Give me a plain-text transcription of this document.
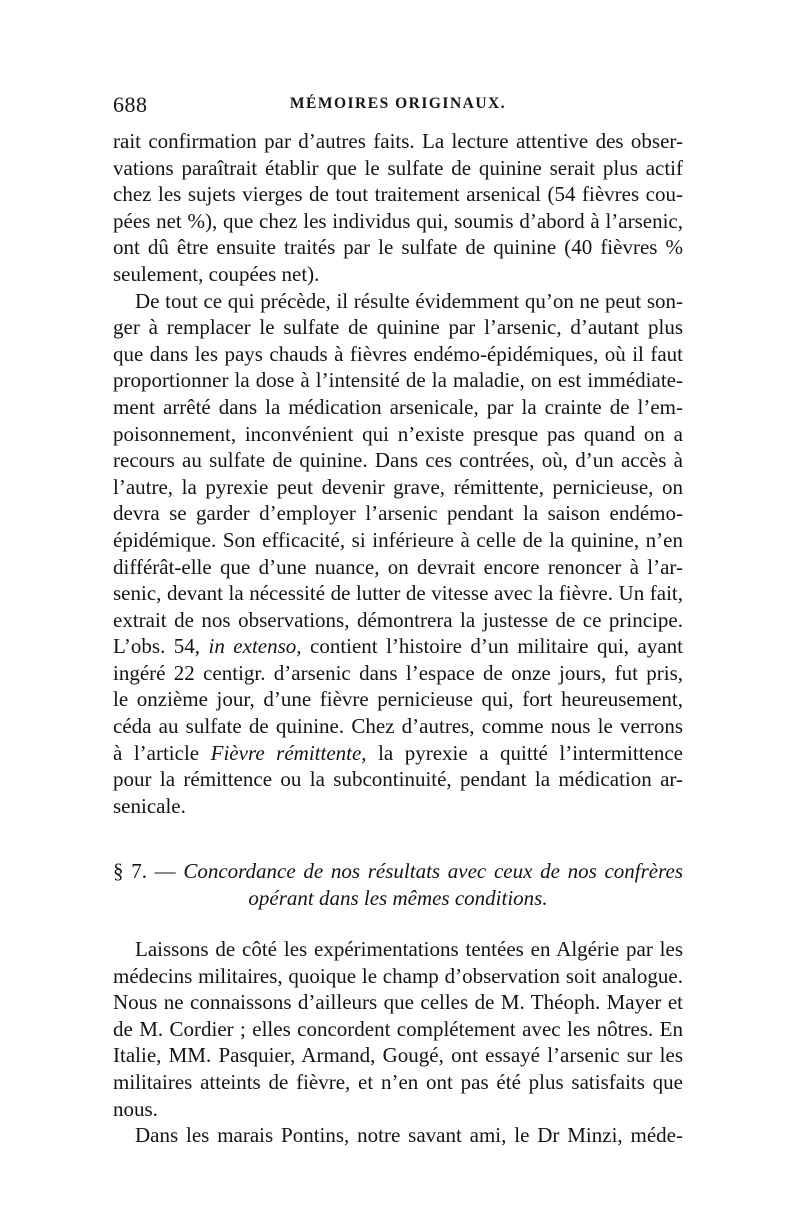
688	MÉMOIRES ORIGINAUX.
rait confirmation par d’autres faits. La lecture attentive des obser-
vations paraîtrait établir que le sulfate de quinine serait plus actif
chez les sujets vierges de tout traitement arsenical (54 fièvres cou-
pées net %), que chez les individus qui, soumis d’abord à l’arsenic,
ont dû être ensuite traités par le sulfate de quinine (40 fièvres %
seulement, coupées net).
De tout ce qui précède, il résulte évidemment qu’on ne peut son-
ger à remplacer le sulfate de quinine par l’arsenic, d’autant plus
que dans les pays chauds à fièvres endémo-épidémiques, où il faut
proportionner la dose à l’intensité de la maladie, on est immédiate-
ment arrêté dans la médication arsenicale, par la crainte de l’em-
poisonnement, inconvénient qui n’existe presque pas quand on a
recours au sulfate de quinine. Dans ces contrées, où, d’un accès à
l’autre, la pyrexie peut devenir grave, rémittente, pernicieuse, on
devra se garder d’employer l’arsenic pendant la saison endémo-
épidémique. Son efficacité, si inférieure à celle de la quinine, n’en
différât-elle que d’une nuance, on devrait encore renoncer à l’ar-
senic, devant la nécessité de lutter de vitesse avec la fièvre. Un fait,
extrait de nos observations, démontrera la justesse de ce principe.
L’obs. 54, in extenso, contient l’histoire d’un militaire qui, ayant
ingéré 22 centigr. d’arsenic dans l’espace de onze jours, fut pris,
le onzième jour, d’une fièvre pernicieuse qui, fort heureusement,
céda au sulfate de quinine. Chez d’autres, comme nous le verrons
à l’article Fièvre rémittente, la pyrexie a quitté l’intermittence
pour la rémittence ou la subcontinuité, pendant la médication ar-
senicale.
§ 7. — Concordance de nos résultats avec ceux de nos confrères
opérant dans les mêmes conditions.
Laissons de côté les expérimentations tentées en Algérie par les
médecins militaires, quoique le champ d’observation soit analogue.
Nous ne connaissons d’ailleurs que celles de M. Théoph. Mayer et
de M. Cordier ; elles concordent complétement avec les nôtres. En
Italie, MM. Pasquier, Armand, Gougé, ont essayé l’arsenic sur les
militaires atteints de fièvre, et n’en ont pas été plus satisfaits que
nous.
Dans les marais Pontins, notre savant ami, le Dr Minzi, méde-
